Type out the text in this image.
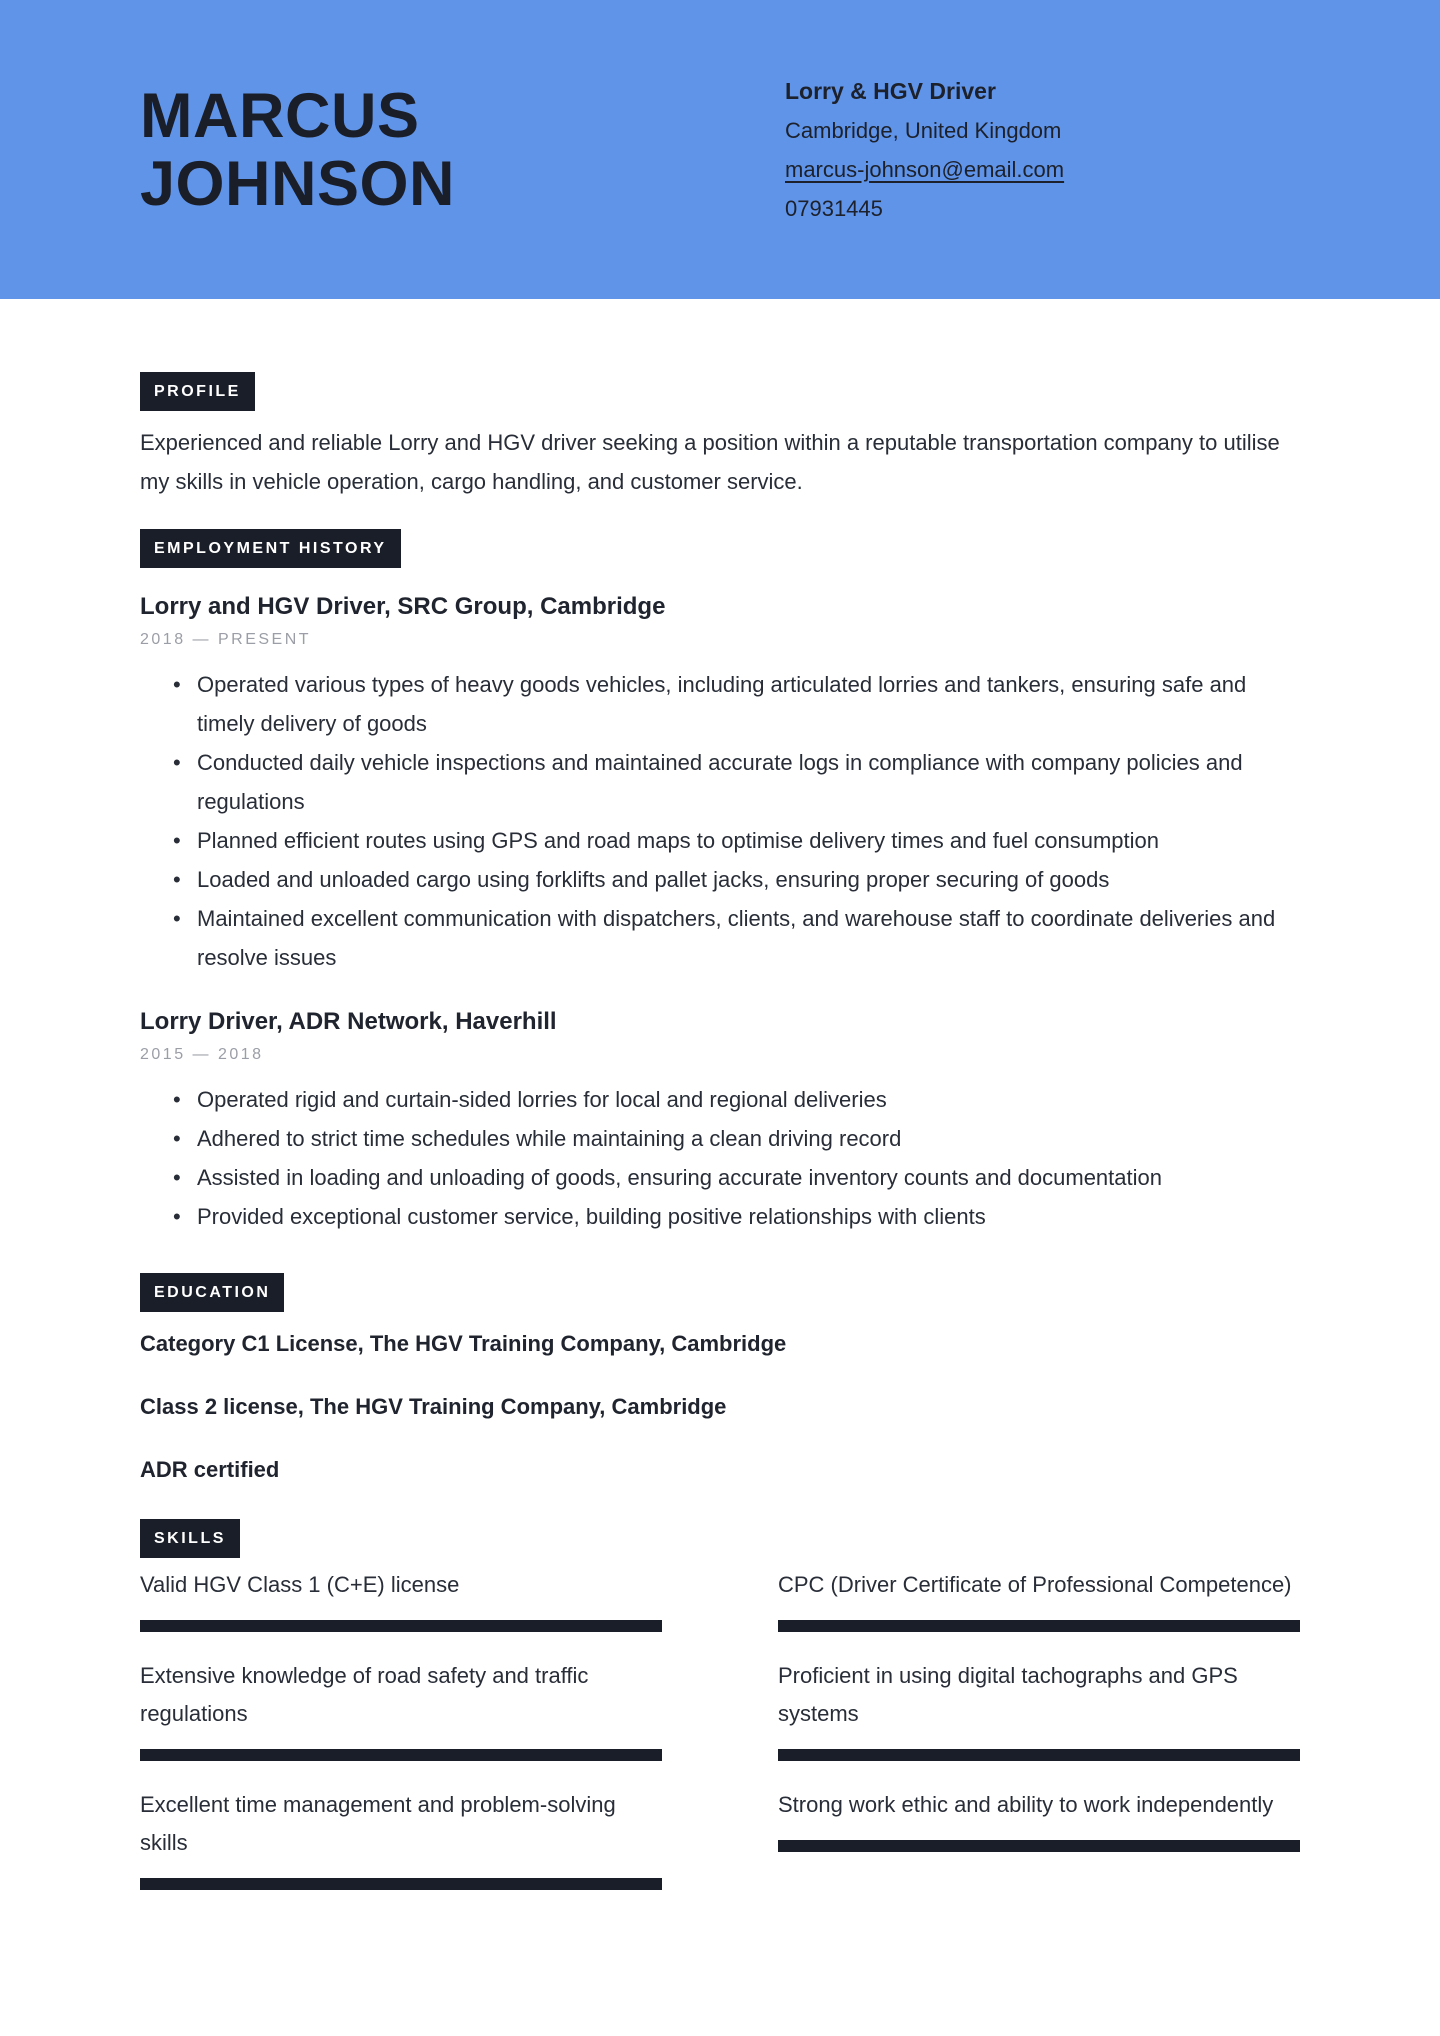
MARCUS
JOHNSON
Lorry & HGV Driver
Cambridge, United Kingdom
marcus-johnson@email.com
07931445
PROFILE
Experienced and reliable Lorry and HGV driver seeking a position within a reputable transportation company to utilise my skills in vehicle operation, cargo handling, and customer service.
EMPLOYMENT HISTORY
Lorry and HGV Driver, SRC Group, Cambridge
2018 — PRESENT
• Operated various types of heavy goods vehicles, including articulated lorries and tankers, ensuring safe and timely delivery of goods
• Conducted daily vehicle inspections and maintained accurate logs in compliance with company policies and regulations
• Planned efficient routes using GPS and road maps to optimise delivery times and fuel consumption
• Loaded and unloaded cargo using forklifts and pallet jacks, ensuring proper securing of goods
• Maintained excellent communication with dispatchers, clients, and warehouse staff to coordinate deliveries and resolve issues
Lorry Driver, ADR Network, Haverhill
2015 — 2018
• Operated rigid and curtain-sided lorries for local and regional deliveries
• Adhered to strict time schedules while maintaining a clean driving record
• Assisted in loading and unloading of goods, ensuring accurate inventory counts and documentation
• Provided exceptional customer service, building positive relationships with clients
EDUCATION
Category C1 License, The HGV Training Company, Cambridge
Class 2 license, The HGV Training Company, Cambridge
ADR certified
SKILLS
Valid HGV Class 1 (C+E) license
Extensive knowledge of road safety and traffic regulations
Excellent time management and problem-solving skills
CPC (Driver Certificate of Professional Competence)
Proficient in using digital tachographs and GPS systems
Strong work ethic and ability to work independently
